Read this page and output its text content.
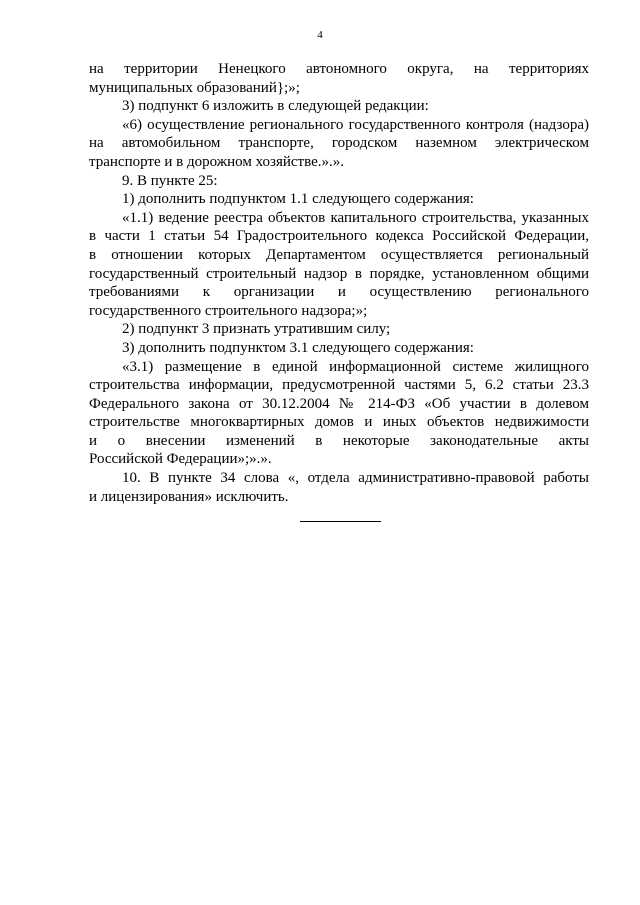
4
на территории Ненецкого автономного округа, на территориях
муниципальных образований};»;
3) подпункт 6 изложить в следующей редакции:
«6) осуществление регионального государственного контроля (надзора)
на автомобильном транспорте, городском наземном электрическом
транспорте и в дорожном хозяйстве.».».
9. В пункте 25:
1) дополнить подпунктом 1.1 следующего содержания:
«1.1) ведение реестра объектов капитального строительства, указанных
в части 1 статьи 54 Градостроительного кодекса Российской Федерации,
в отношении которых Департаментом осуществляется региональный
государственный строительный надзор в порядке, установленном общими
требованиями к организации и осуществлению регионального
государственного строительного надзора;»;
2) подпункт 3 признать утратившим силу;
3) дополнить подпунктом 3.1 следующего содержания:
«3.1) размещение в единой информационной системе жилищного
строительства информации, предусмотренной частями 5, 6.2 статьи 23.3
Федерального закона от 30.12.2004 № 214-ФЗ «Об участии в долевом
строительстве многоквартирных домов и иных объектов недвижимости
и о внесении изменений в некоторые законодательные акты
Российской Федерации»;».».
10. В пункте 34 слова «, отдела административно-правовой работы
и лицензирования» исключить.
